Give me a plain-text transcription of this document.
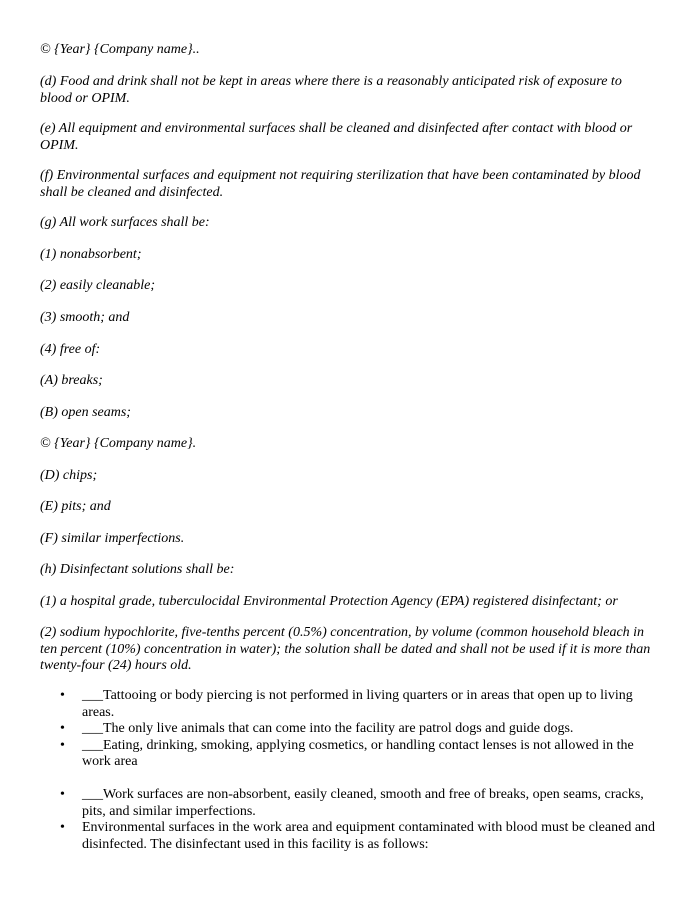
© {Year} {Company name}..

(d) Food and drink shall not be kept in areas where there is a reasonably anticipated risk of exposure to blood or OPIM.

(e) All equipment and environmental surfaces shall be cleaned and disinfected after contact with blood or OPIM.

(f) Environmental surfaces and equipment not requiring sterilization that have been contaminated by blood shall be cleaned and disinfected.

(g) All work surfaces shall be:

(1) nonabsorbent;

(2) easily cleanable;

(3) smooth; and

(4) free of:

(A) breaks;

(B) open seams;

© {Year} {Company name}.

(D) chips;

(E) pits; and

(F) similar imperfections.

(h) Disinfectant solutions shall be:

(1) a hospital grade, tuberculocidal Environmental Protection Agency (EPA) registered disinfectant; or

(2) sodium hypochlorite, five-tenths percent (0.5%) concentration, by volume (common household bleach in ten percent (10%) concentration in water); the solution shall be dated and shall not be used if it is more than twenty-four (24) hours old.

• ___Tattooing or body piercing is not performed in living quarters or in areas that open up to living areas.
• ___The only live animals that can come into the facility are patrol dogs and guide dogs.
• ___Eating, drinking, smoking, applying cosmetics, or handling contact lenses is not allowed in the work area
• ___Work surfaces are non-absorbent, easily cleaned, smooth and free of breaks, open seams, cracks, pits, and similar imperfections.
• Environmental surfaces in the work area and equipment contaminated with blood must be cleaned and disinfected. The disinfectant used in this facility is as follows:
